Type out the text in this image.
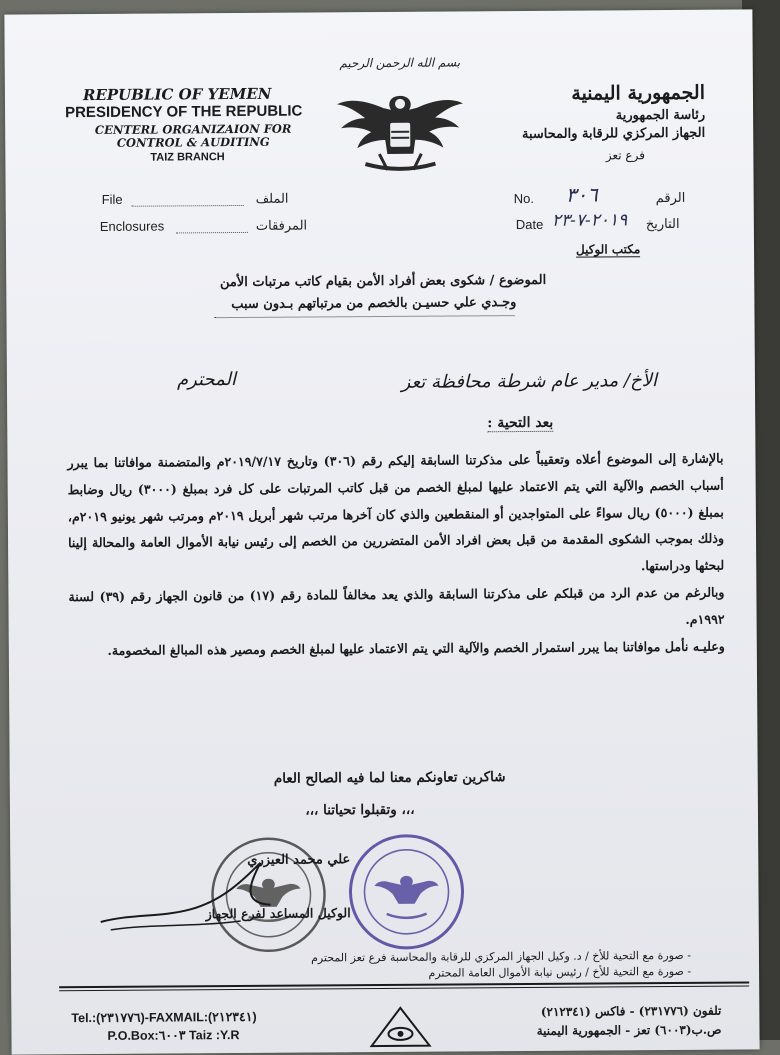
REPUBLIC OF YEMEN
PRESIDENCY OF THE REPUBLIC
CENTERL ORGANIZAION FOR CONTROL & AUDITING
TAIZ BRANCH
بسم الله الرحمن الرحيم
الجمهورية اليمنية
رئاسة الجمهورية
الجهاز المركزي للرقابة والمحاسبة
فرع تعز
File	الملف
Enclosures	المرفقات
No. ٣٠٦	الرقم
Date ٢٠١٩-٧-٢٣ التاريخ
مكتب الوكيل
الموضوع / شكوى بعض أفراد الأمن بقيام كاتب مرتبات الأمن
وجـدي علي حسيـن بالخصم من مرتباتهم بـدون سبب
الأخ/ مدير عام شرطة محافظة تعز
المحترم
بعد التحية :

بالإشارة إلى الموضوع أعلاه وتعقيباً على مذكرتنا السابقة إليكم رقم (٣٠٦) وتاريخ ٢٠١٩/٧/١٧م والمتضمنة موافاتنا بما يبرر أسباب الخصم والآلية التي يتم الاعتماد عليها لمبلغ الخصم من قبل كاتب المرتبات على كل فرد بمبلغ (٣٠٠٠) ريال وضابط بمبلغ (٥٠٠٠) ريال سواءً على المتواجدين أو المنقطعين والذي كان آخرها مرتب شهر أبريل ٢٠١٩م ومرتب شهر يونيو ٢٠١٩م، وذلك بموجب الشكوى المقدمة من قبل بعض افراد الأمن المتضررين من الخصم إلى رئيس نيابة الأموال العامة والمحالة إلينا لبحثها ودراستها.

وبالرغم من عدم الرد من قبلكم على مذكرتنا السابقة والذي يعد مخالفاً للمادة رقم (١٧) من قانون الجهاز رقم (٣٩) لسنة ١٩٩٢م.

وعليـه نأمل موافاتنا بما يبرر استمرار الخصم والآلية التي يتم الاعتماد عليها لمبلغ الخصم ومصير هذه المبالغ المخصومة.

شاكرين تعاونكم معنا لما فيه الصالح العام
،،، وتقبلوا تحياتنا ،،،
علي محمد العيزري
الوكيل المساعد لفرع الجهاز
- صورة مع التحية للأخ / د. وكيل الجهاز المركزي للرقابة والمحاسبة فرع تعز المحترم
- صورة مع التحية للأخ / رئيس نيابة الأموال العامة المحترم
Tel.:(٢٣١٧٧٦)-FAXMAIL:(٢١٢٣٤١)
P.O.Box:٦٠٠٣ Taiz :Y.R
تلفون (٢٣١٧٧٦) - فاكس (٢١٢٣٤١)
ص.ب(٦٠٠٣) تعز - الجمهورية اليمنية
